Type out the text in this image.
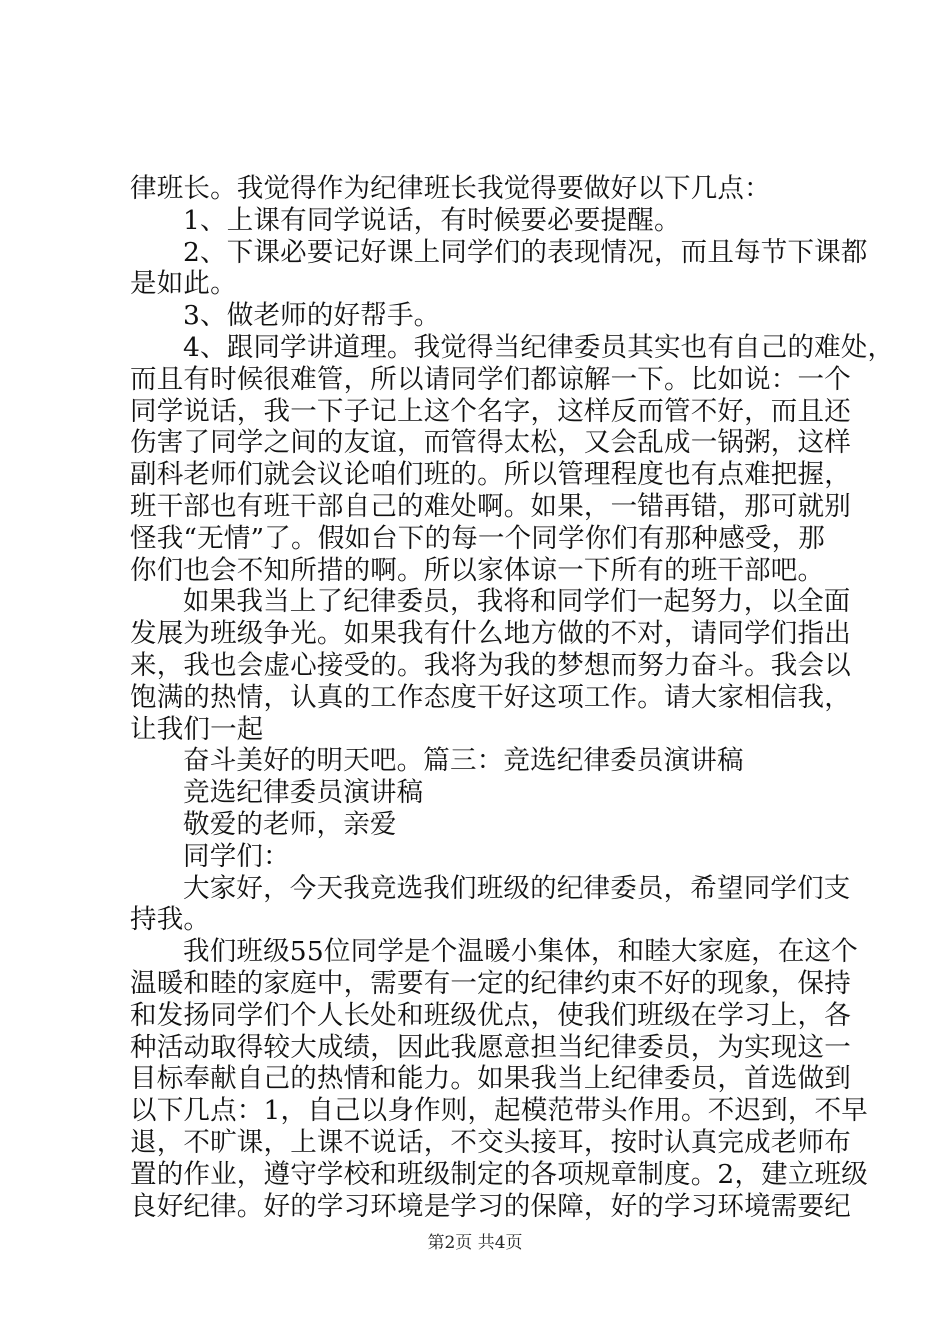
律班长。我觉得作为纪律班长我觉得要做好以下几点：
1、上课有同学说话，有时候要必要提醒。
2、下课必要记好课上同学们的表现情况，而且每节下课都
是如此。
3、做老师的好帮手。
4、跟同学讲道理。我觉得当纪律委员其实也有自己的难处，
而且有时候很难管，所以请同学们都谅解一下。比如说：一个
同学说话，我一下子记上这个名字，这样反而管不好，而且还
伤害了同学之间的友谊，而管得太松，又会乱成一锅粥，这样
副科老师们就会议论咱们班的。所以管理程度也有点难把握，
班干部也有班干部自己的难处啊。如果，一错再错，那可就别
怪我“无情”了。假如台下的每一个同学你们有那种感受，那
你们也会不知所措的啊。所以家体谅一下所有的班干部吧。
如果我当上了纪律委员，我将和同学们一起努力，以全面
发展为班级争光。如果我有什么地方做的不对，请同学们指出
来，我也会虚心接受的。我将为我的梦想而努力奋斗。我会以
饱满的热情，认真的工作态度干好这项工作。请大家相信我，
让我们一起
奋斗美好的明天吧。篇三：竞选纪律委员演讲稿
竞选纪律委员演讲稿
敬爱的老师，亲爱
同学们：
大家好，今天我竞选我们班级的纪律委员，希望同学们支
持我。
我们班级55位同学是个温暖小集体，和睦大家庭，在这个
温暖和睦的家庭中，需要有一定的纪律约束不好的现象，保持
和发扬同学们个人长处和班级优点，使我们班级在学习上，各
种活动取得较大成绩，因此我愿意担当纪律委员，为实现这一
目标奉献自己的热情和能力。如果我当上纪律委员，首选做到
以下几点：1，自己以身作则，起模范带头作用。不迟到，不早
退，不旷课，上课不说话，不交头接耳，按时认真完成老师布
置的作业，遵守学校和班级制定的各项规章制度。2，建立班级
良好纪律。好的学习环境是学习的保障，好的学习环境需要纪
第2页 共4页
